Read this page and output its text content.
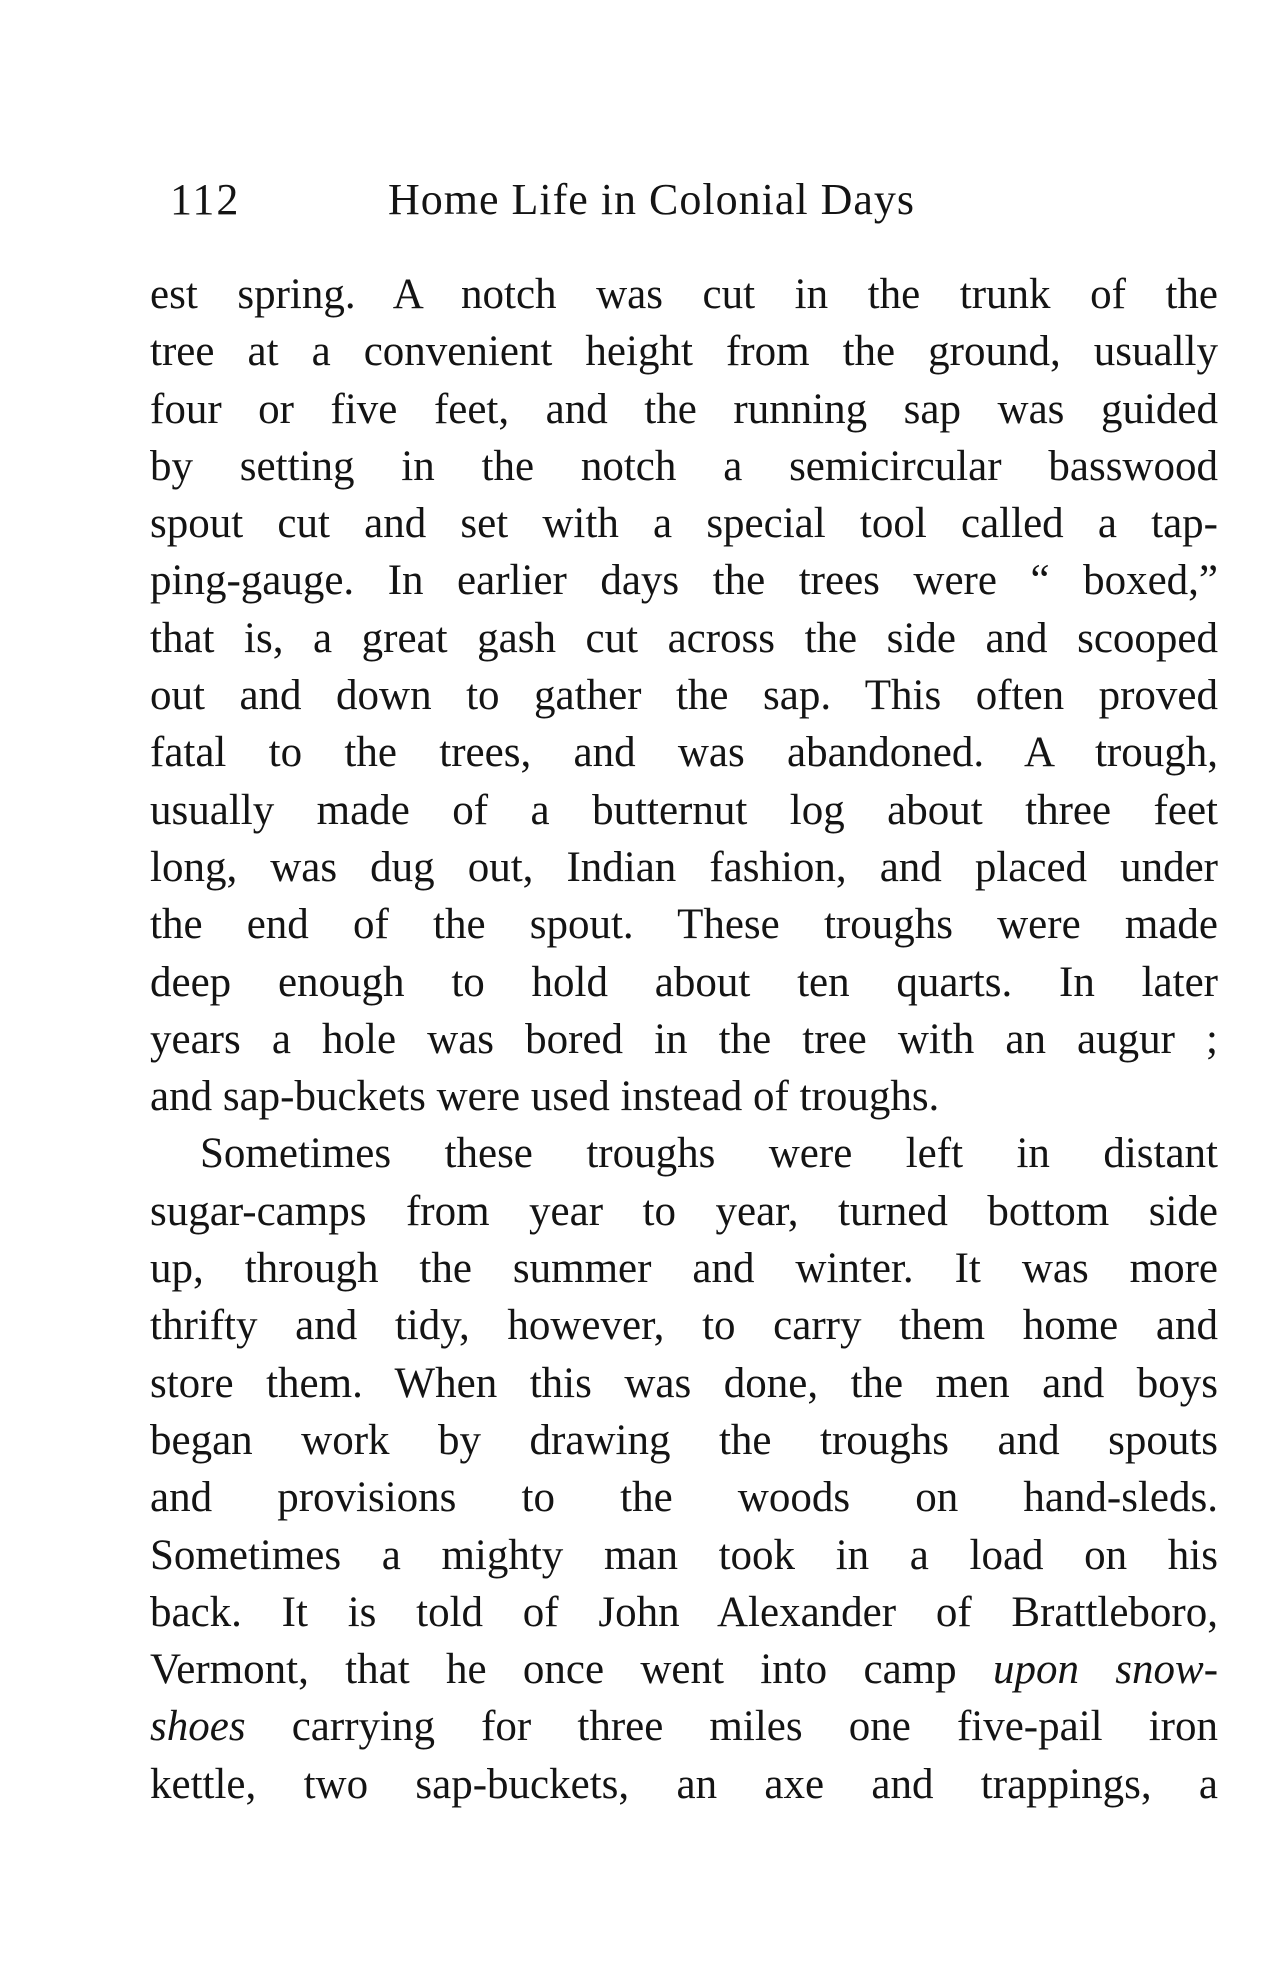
112	Home Life in Colonial Days
est spring. A notch was cut in the trunk of the
tree at a convenient height from the ground, usually
four or five feet, and the running sap was guided
by setting in the notch a semicircular basswood
spout cut and set with a special tool called a tap-
ping-gauge. In earlier days the trees were “ boxed,”
that is, a great gash cut across the side and scooped
out and down to gather the sap. This often proved
fatal to the trees, and was abandoned. A trough,
usually made of a butternut log about three feet
long, was dug out, Indian fashion, and placed under
the end of the spout. These troughs were made
deep enough to hold about ten quarts. In later
years a hole was bored in the tree with an augur ;
and sap-buckets were used instead of troughs.
Sometimes these troughs were left in distant
sugar-camps from year to year, turned bottom side
up, through the summer and winter. It was more
thrifty and tidy, however, to carry them home and
store them. When this was done, the men and boys
began work by drawing the troughs and spouts
and provisions to the woods on hand-sleds.
Sometimes a mighty man took in a load on his
back. It is told of John Alexander of Brattleboro,
Vermont, that he once went into camp upon snow-
shoes carrying for three miles one five-pail iron
kettle, two sap-buckets, an axe and trappings, a
